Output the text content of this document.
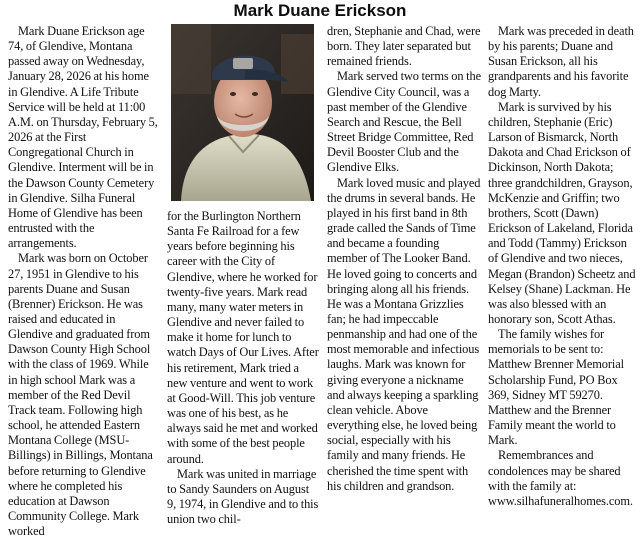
Mark Duane Erickson

Mark Duane Erickson age 74, of Glendive, Montana passed away on Wednesday, January 28, 2026 at his home in Glendive. A Life Tribute Service will be held at 11:00 A.M. on Thursday, February 5, 2026 at the First Congregational Church in Glendive. Interment will be in the Dawson County Cemetery in Glendive. Silha Funeral Home of Glendive has been entrusted with the arrangements.

Mark was born on October 27, 1951 in Glendive to his parents Duane and Susan (Brenner) Erickson. He was raised and educated in Glendive and graduated from Dawson County High School with the class of 1969. While in high school Mark was a member of the Red Devil Track team. Following high school, he attended Eastern Montana College (MSU-Billings) in Billings, Montana before returning to Glendive where he completed his education at Dawson Community College. Mark worked

for the Burlington Northern Santa Fe Railroad for a few years before beginning his career with the City of Glendive, where he worked for twenty-five years. Mark read many, many water meters in Glendive and never failed to make it home for lunch to watch Days of Our Lives. After his retirement, Mark tried a new venture and went to work at Good-Will. This job venture was one of his best, as he always said he met and worked with some of the best people around.

Mark was united in marriage to Sandy Saunders on August 9, 1974, in Glendive and to this union two chil-

dren, Stephanie and Chad, were born. They later separated but remained friends.

Mark served two terms on the Glendive City Council, was a past member of the Glendive Search and Rescue, the Bell Street Bridge Committee, Red Devil Booster Club and the Glendive Elks.

Mark loved music and played the drums in several bands. He played in his first band in 8th grade called the Sands of Time and became a founding member of The Looker Band. He loved going to concerts and bringing along all his friends. He was a Montana Grizzlies fan; he had impeccable penmanship and had one of the most memorable and infectious laughs. Mark was known for giving everyone a nickname and always keeping a sparkling clean vehicle. Above everything else, he loved being social, especially with his family and many friends. He cherished the time spent with his children and grandson.

Mark was preceded in death by his parents; Duane and Susan Erickson, all his grandparents and his favorite dog Marty.

Mark is survived by his children, Stephanie (Eric) Larson of Bismarck, North Dakota and Chad Erickson of Dickinson, North Dakota; three grandchildren, Grayson, McKenzie and Griffin; two brothers, Scott (Dawn) Erickson of Lakeland, Florida and Todd (Tammy) Erickson of Glendive and two nieces, Megan (Brandon) Scheetz and Kelsey (Shane) Lackman. He was also blessed with an honorary son, Scott Athas.

The family wishes for memorials to be sent to: Matthew Brenner Memorial Scholarship Fund, PO Box 369, Sidney MT 59270. Matthew and the Brenner Family meant the world to Mark.

Remembrances and condolences may be shared with the family at: www.silhafuneralhomes.com.
